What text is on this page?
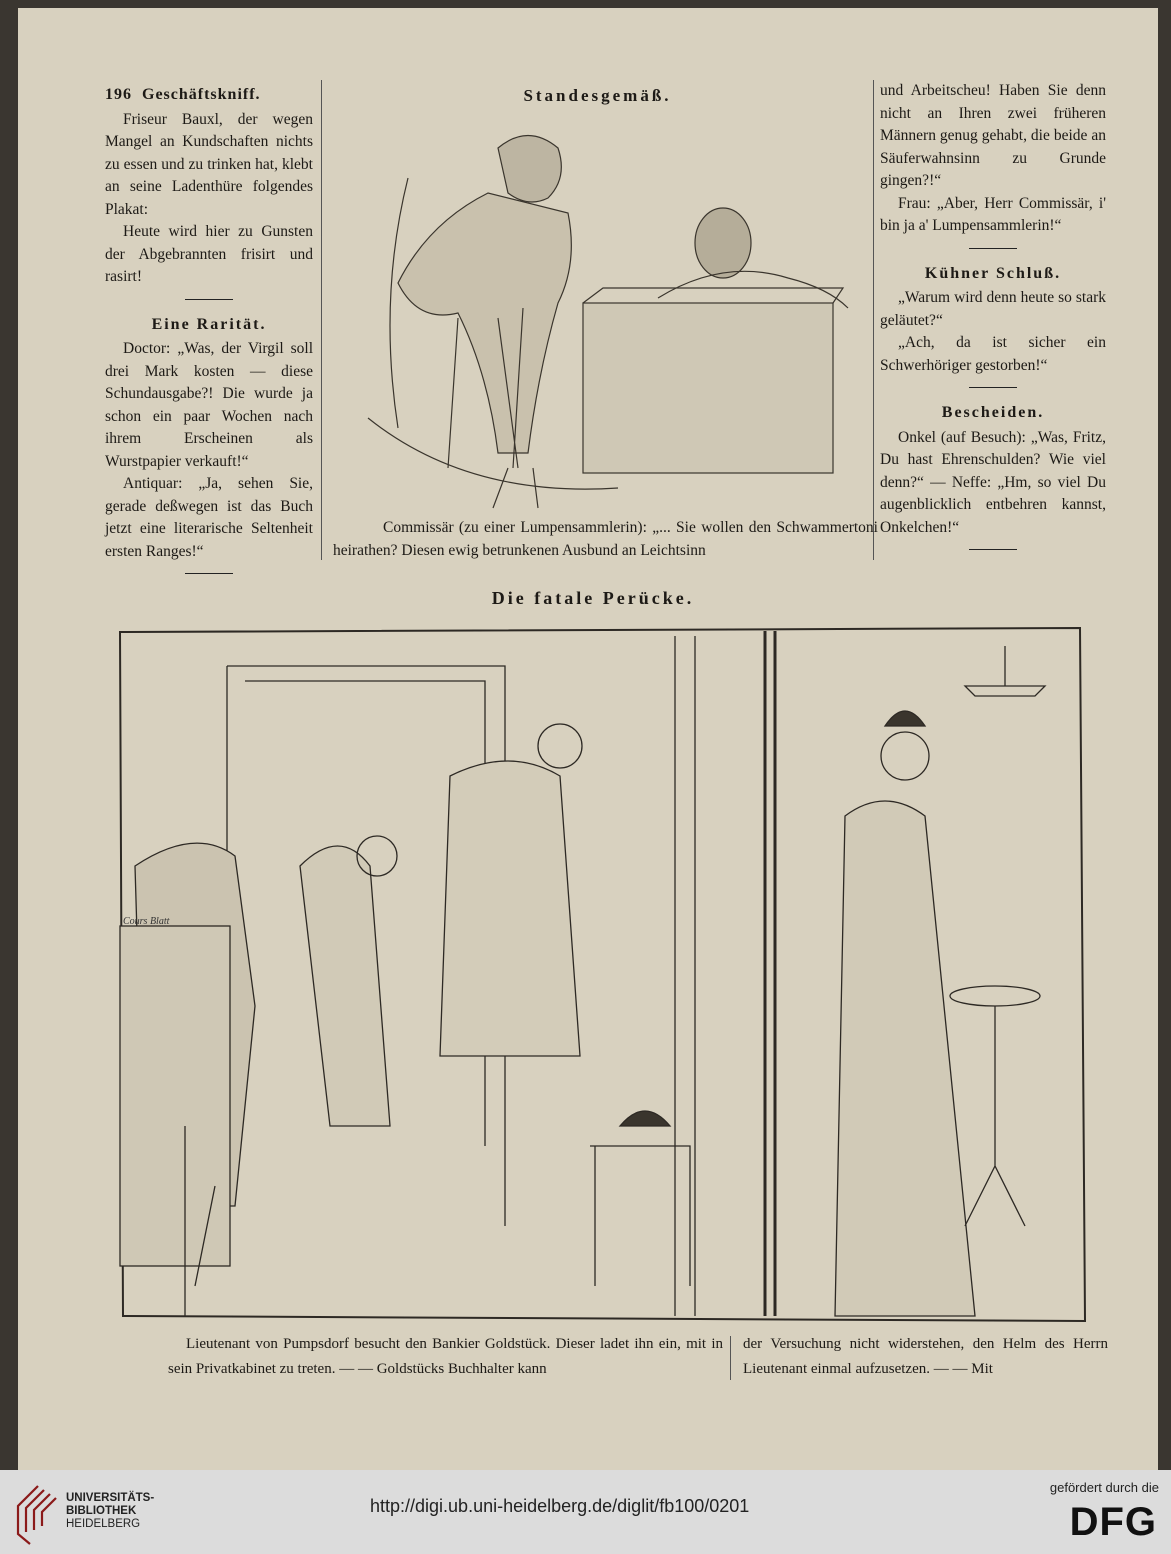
196 Geschäftskniff.

Friseur Bauxl, der wegen Mangel an Kundschaften nichts zu essen und zu trinken hat, klebt an seine Ladenthüre folgendes Plakat:

Heute wird hier zu Gunsten der Abgebrannten frisirt und rasirt!

Eine Rarität.

Doctor: „Was, der Virgil soll drei Mark kosten — diese Schundausgabe?! Die wurde ja schon ein paar Wochen nach ihrem Erscheinen als Wurstpapier verkauft!“

Antiquar: „Ja, sehen Sie, gerade deßwegen ist das Buch jetzt eine literarische Seltenheit ersten Ranges!“

Standesgemäß.
Commissär (zu einer Lumpensammlerin): „... Sie wollen den Schwammertoni heirathen? Diesen ewig betrunkenen Ausbund an Leichtsinn

und Arbeitscheu! Haben Sie denn nicht an Ihren zwei früheren Männern genug gehabt, die beide an Säuferwahnsinn zu Grunde gingen?!“

Frau: „Aber, Herr Commissär, i' bin ja a' Lumpensammlerin!“

Kühner Schluß.

„Warum wird denn heute so stark geläutet?“

„Ach, da ist sicher ein Schwerhöriger gestorben!“

Bescheiden.

Onkel (auf Besuch): „Was, Fritz, Du hast Ehrenschulden? Wie viel denn?“ — Neffe: „Hm, so viel Du augenblicklich entbehren kannst, Onkelchen!“

Die fatale Perücke.
Cours Blatt
Lieutenant von Pumpsdorf besucht den Bankier Goldstück. Dieser ladet ihn ein, mit in sein Privatkabinet zu treten. — — Goldstücks Buchhalter kann
der Versuchung nicht widerstehen, den Helm des Herrn Lieutenant einmal aufzusetzen. — — Mit
UNIVERSITÄTS-
BIBLIOTHEK
HEIDELBERG
http://digi.ub.uni-heidelberg.de/diglit/fb100/0201
gefördert durch die
DFG
